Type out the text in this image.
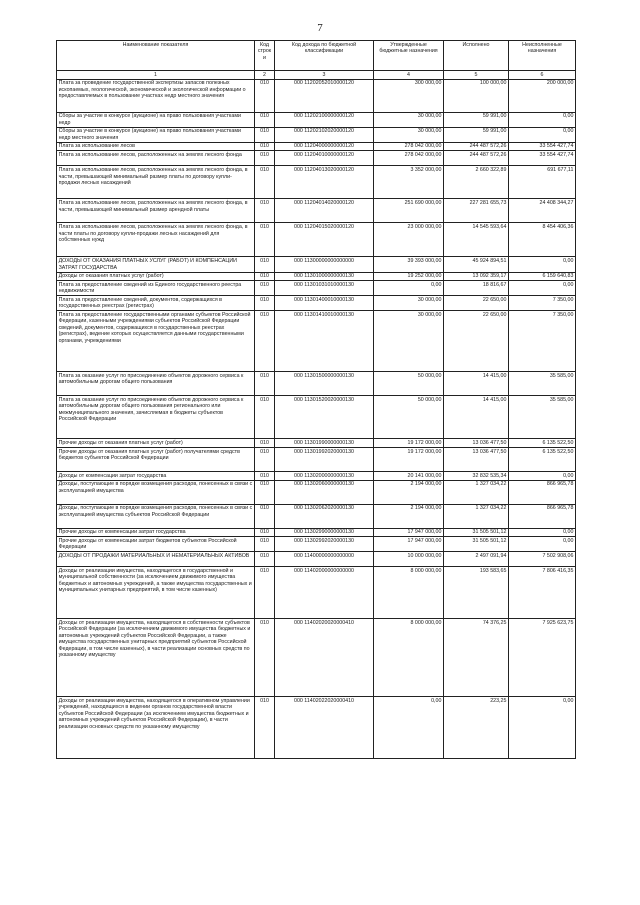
7
Наименование показателя	Код строки	Код дохода по бюджетной классификации	Утвержденные бюджетные назначения	Исполнено	Неисполненные назначения
1	2	3	4	5	6
Плата за проведение государственной экспертизы запасов полезных ископаемых, геологической, экономической и экологической информации о предоставляемых в пользование участках недр местного значения	010	000 11202052010000120	300 000,00	100 000,00	200 000,00
Сборы за участие в конкурсе (аукционе) на право пользования участками недр	010	000 11202100000000120	30 000,00	59 991,00	0,00
Сборы за участие в конкурсе (аукционе) на право пользования участками недр местного значения	010	000 11202102020000120	30 000,00	59 991,00	0,00
Плата за использование лесов	010	000 11204000000000120	278 042 000,00	244 487 572,26	33 554 427,74
Плата за использование лесов, расположенных на землях лесного фонда	010	000 11204010000000120	278 042 000,00	244 487 572,26	33 554 427,74
Плата за использование лесов, расположенных на землях лесного фонда, в части, превышающей минимальный размер платы по договору купли-продажи лесных насаждений	010	000 11204013020000120	3 352 000,00	2 660 322,89	691 677,11
Плата за использование лесов, расположенных на землях лесного фонда, в части, превышающей минимальный размер арендной платы	010	000 11204014020000120	251 690 000,00	227 281 655,73	24 408 344,27
Плата за использование лесов, расположенных на землях лесного фонда, в части платы по договору купли-продажи лесных насаждений для собственных нужд	010	000 11204015020000120	23 000 000,00	14 545 593,64	8 454 406,36
ДОХОДЫ ОТ ОКАЗАНИЯ ПЛАТНЫХ УСЛУГ (РАБОТ) И КОМПЕНСАЦИИ ЗАТРАТ ГОСУДАРСТВА	010	000 11300000000000000	39 393 000,00	45 924 894,51	0,00
Доходы от оказания платных услуг (работ)	010	000 11301000000000130	19 252 000,00	13 092 359,17	6 159 640,83
Плата за предоставление сведений из Единого государственного реестра недвижимости	010	000 11301031010000130	0,00	18 816,67	0,00
Плата за предоставление сведений, документов, содержащихся в государственных реестрах (регистрах)	010	000 11301400010000130	30 000,00	22 650,00	7 350,00
Плата за предоставление государственными органами субъектов Российской Федерации, казенными учреждениями субъектов Российской Федерации сведений, документов, содержащихся в государственных реестрах (регистрах), ведение которых осуществляется данными государственными органами, учреждениями	010	000 11301410010000130	30 000,00	22 650,00	7 350,00
Плата за оказание услуг по присоединению объектов дорожного сервиса к автомобильным дорогам общего пользования	010	000 11301500000000130	50 000,00	14 415,00	35 585,00
Плата за оказание услуг по присоединению объектов дорожного сервиса к автомобильным дорогам общего пользования регионального или межмуниципального значения, зачисляемая в бюджеты субъектов Российской Федерации	010	000 11301520020000130	50 000,00	14 415,00	35 585,00
Прочие доходы от оказания платных услуг (работ)	010	000 11301990000000130	19 172 000,00	13 036 477,50	6 135 522,50
Прочие доходы от оказания платных услуг (работ) получателями средств бюджетов субъектов Российской Федерации	010	000 11301992020000130	19 172 000,00	13 036 477,50	6 135 522,50
Доходы от компенсации затрат государства	010	000 11302000000000130	20 141 000,00	32 832 535,34	0,00
Доходы, поступающие в порядке возмещения расходов, понесенных в связи с эксплуатацией имущества	010	000 11302060000000130	2 194 000,00	1 327 034,22	866 965,78
Доходы, поступающие в порядке возмещения расходов, понесенных в связи с эксплуатацией имущества субъектов Российской Федерации	010	000 11302062020000130	2 194 000,00	1 327 034,22	866 965,78
Прочие доходы от компенсации затрат государства	010	000 11302990000000130	17 947 000,00	31 505 501,12	0,00
Прочие доходы от компенсации затрат бюджетов субъектов Российской Федерации	010	000 11302992020000130	17 947 000,00	31 505 501,12	0,00
ДОХОДЫ ОТ ПРОДАЖИ МАТЕРИАЛЬНЫХ И НЕМАТЕРИАЛЬНЫХ АКТИВОВ	010	000 11400000000000000	10 000 000,00	2 497 091,94	7 502 908,06
Доходы от реализации имущества, находящегося в государственной и муниципальной собственности (за исключением движимого имущества бюджетных и автономных учреждений, а также имущества государственных и муниципальных унитарных предприятий, в том числе казенных)	010	000 11402000000000000	8 000 000,00	193 583,65	7 806 416,35
Доходы от реализации имущества, находящегося в собственности субъектов Российской Федерации (за исключением движимого имущества бюджетных и автономных учреждений субъектов Российской Федерации, а также имущества государственных унитарных предприятий субъектов Российской Федерации, в том числе казенных), в части реализации основных средств по указанному имуществу	010	000 11402020020000410	8 000 000,00	74 376,25	7 925 623,75
Доходы от реализации имущества, находящегося в оперативном управлении учреждений, находящихся в ведении органов государственной власти субъектов Российской Федерации (за исключением имущества бюджетных и автономных учреждений субъектов Российской Федерации), в части реализации основных средств по указанному имуществу	010	000 11402022020000410	0,00	223,25	0,00
